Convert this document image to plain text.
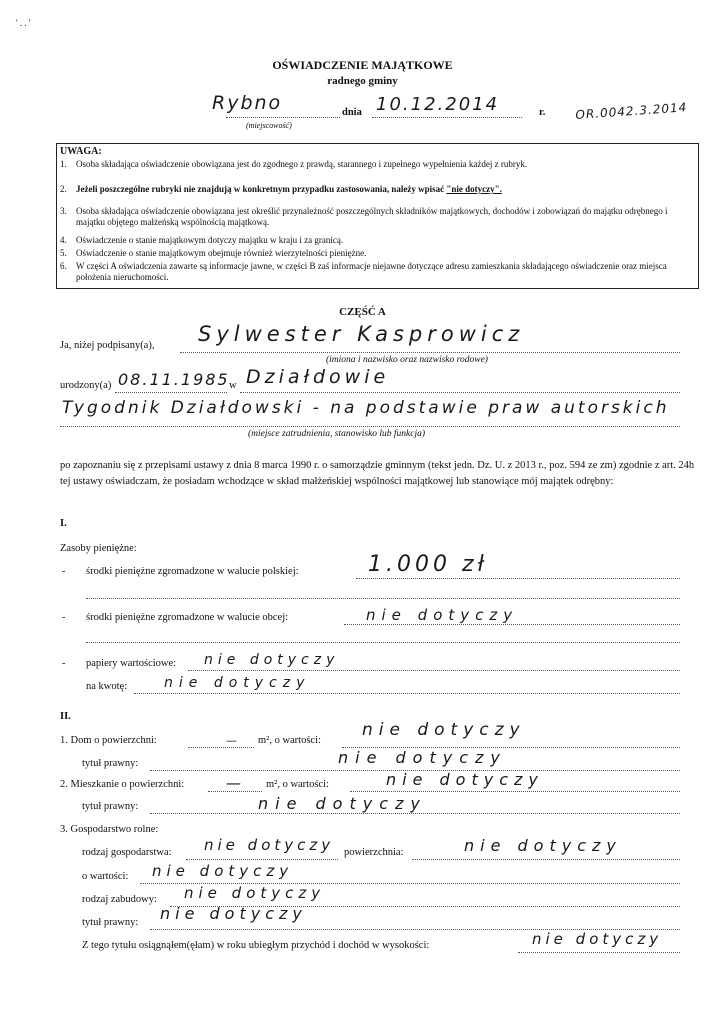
' . . '
OŚWIADCZENIE MAJĄTKOWE
radnego gminy
Rybno
(miejscowość)
dnia 10.12.2014	r. OR.0042.3.2014
UWAGA:
1. Osoba składająca oświadczenie obowiązana jest do zgodnego z prawdą, starannego i zupełnego wypełnienia każdej z rubryk.
2. Jeżeli poszczególne rubryki nie znajdują w konkretnym przypadku zastosowania, należy wpisać "nie dotyczy".
3. Osoba składająca oświadczenie obowiązana jest określić przynależność poszczególnych składników majątkowych, dochodów i zobowiązań do majątku odrębnego i majątku objętego małżeńską wspólnością majątkową.
4. Oświadczenie o stanie majątkowym dotyczy majątku w kraju i za granicą.
5. Oświadczenie o stanie majątkowym obejmuje również wierzytelności pieniężne.
6. W części A oświadczenia zawarte są informacje jawne, w części B zaś informacje niejawne dotyczące adresu zamieszkania składającego oświadczenie oraz miejsca położenia nieruchomości.
CZĘŚĆ A
Ja, niżej podpisany(a), Sylwester Kasprowicz
(imiona i nazwisko oraz nazwisko rodowe)
urodzony(a) 08.11.1985 w Działdowie
Tygodnik Działdowski - na podstawie praw autorskich
(miejsce zatrudnienia, stanowisko lub funkcja)
po zapoznaniu się z przepisami ustawy z dnia 8 marca 1990 r. o samorządzie gminnym (tekst jedn. Dz. U. z 2013 r., poz. 594 ze zm) zgodnie z art. 24h tej ustawy oświadczam, że posiadam wchodzące w skład małżeńskiej wspólności majątkowej lub stanowiące mój majątek odrębny:
I.
Zasoby pieniężne:
- środki pieniężne zgromadzone w walucie polskiej:	1.000 zł
- środki pieniężne zgromadzone w walucie obcej:	nie dotyczy
- papiery wartościowe: nie dotyczy
na kwotę:	nie dotyczy
II.
1. Dom o powierzchni:	— m², o wartości:
nie dotyczy
tytuł prawny:	nie dotyczy
2. Mieszkanie o powierzchni:	— m², o wartości:	nie dotyczy
tytuł prawny:	nie dotyczy
3. Gospodarstwo rolne:
rodzaj gospodarstwa: nie dotyczy powierzchnia:	nie dotyczy
o wartości: nie dotyczy
rodzaj zabudowy: nie dotyczy
tytuł prawny: nie dotyczy
Z tego tytułu osiągnąłem(ęłam) w roku ubiegłym przychód i dochód w wysokości:	nie dotyczy
